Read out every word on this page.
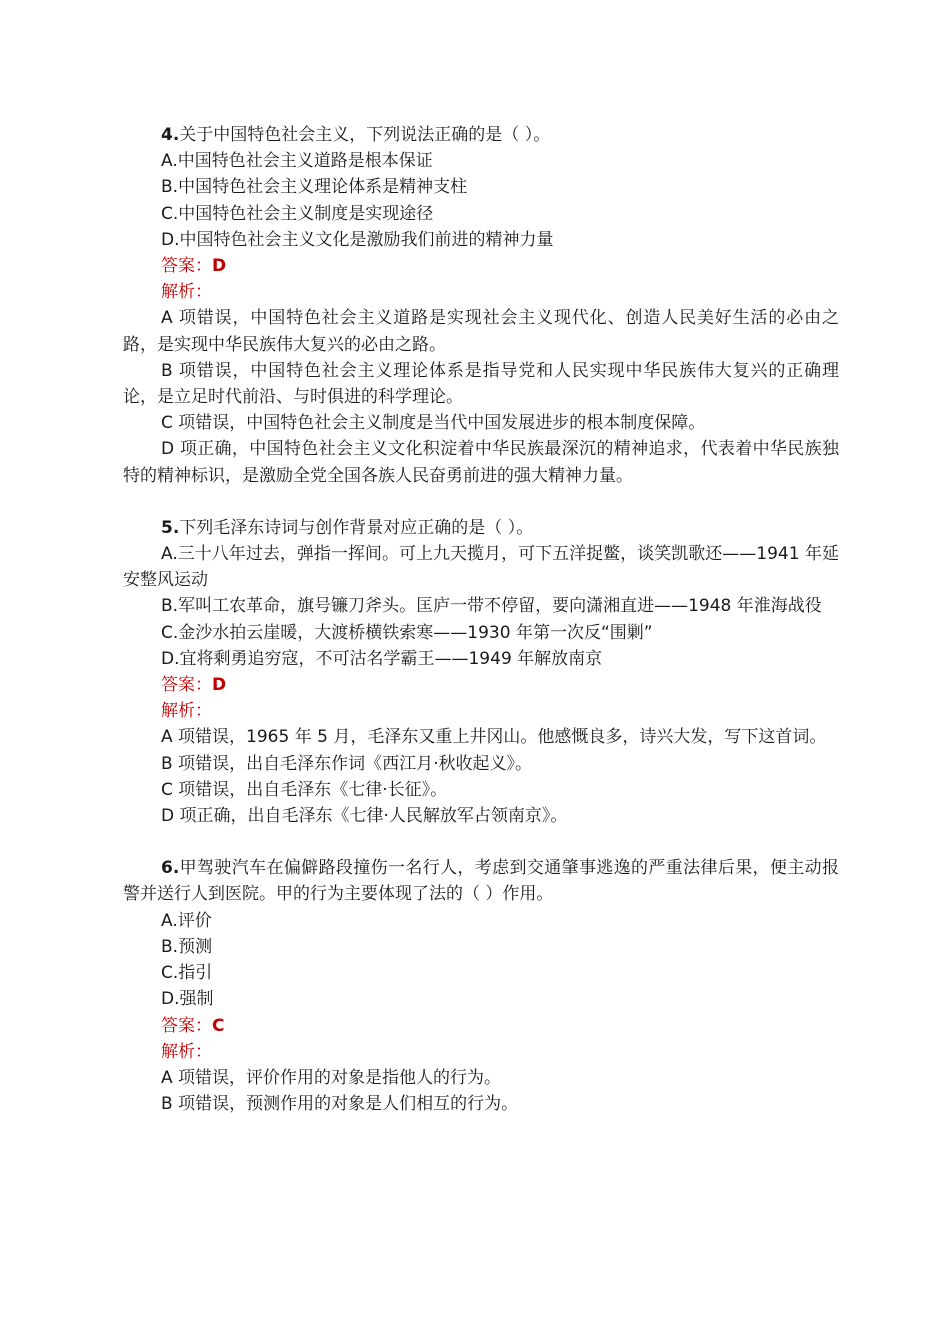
4.关于中国特色社会主义，下列说法正确的是（ ）。
A.中国特色社会主义道路是根本保证
B.中国特色社会主义理论体系是精神支柱
C.中国特色社会主义制度是实现途径
D.中国特色社会主义文化是激励我们前进的精神力量
答案：D
解析：
A 项错误，中国特色社会主义道路是实现社会主义现代化、创造人民美好生活的必由之路，是实现中华民族伟大复兴的必由之路。
B 项错误，中国特色社会主义理论体系是指导党和人民实现中华民族伟大复兴的正确理论，是立足时代前沿、与时俱进的科学理论。
C 项错误，中国特色社会主义制度是当代中国发展进步的根本制度保障。
D 项正确，中国特色社会主义文化积淀着中华民族最深沉的精神追求，代表着中华民族独特的精神标识，是激励全党全国各族人民奋勇前进的强大精神力量。
5.下列毛泽东诗词与创作背景对应正确的是（ ）。
A.三十八年过去，弹指一挥间。可上九天揽月，可下五洋捉鳖，谈笑凯歌还——1941 年延安整风运动
B.军叫工农革命，旗号镰刀斧头。匡庐一带不停留，要向潇湘直进——1948 年淮海战役
C.金沙水拍云崖暖，大渡桥横铁索寒——1930 年第一次反“围剿”
D.宜将剩勇追穷寇，不可沽名学霸王——1949 年解放南京
答案：D
解析：
A 项错误，1965 年 5 月，毛泽东又重上井冈山。他感慨良多，诗兴大发，写下这首词。
B 项错误，出自毛泽东作词《西江月·秋收起义》。
C 项错误，出自毛泽东《七律·长征》。
D 项正确，出自毛泽东《七律·人民解放军占领南京》。
6.甲驾驶汽车在偏僻路段撞伤一名行人，考虑到交通肇事逃逸的严重法律后果，便主动报警并送行人到医院。甲的行为主要体现了法的（ ）作用。
A.评价
B.预测
C.指引
D.强制
答案：C
解析：
A 项错误，评价作用的对象是指他人的行为。
B 项错误，预测作用的对象是人们相互的行为。
